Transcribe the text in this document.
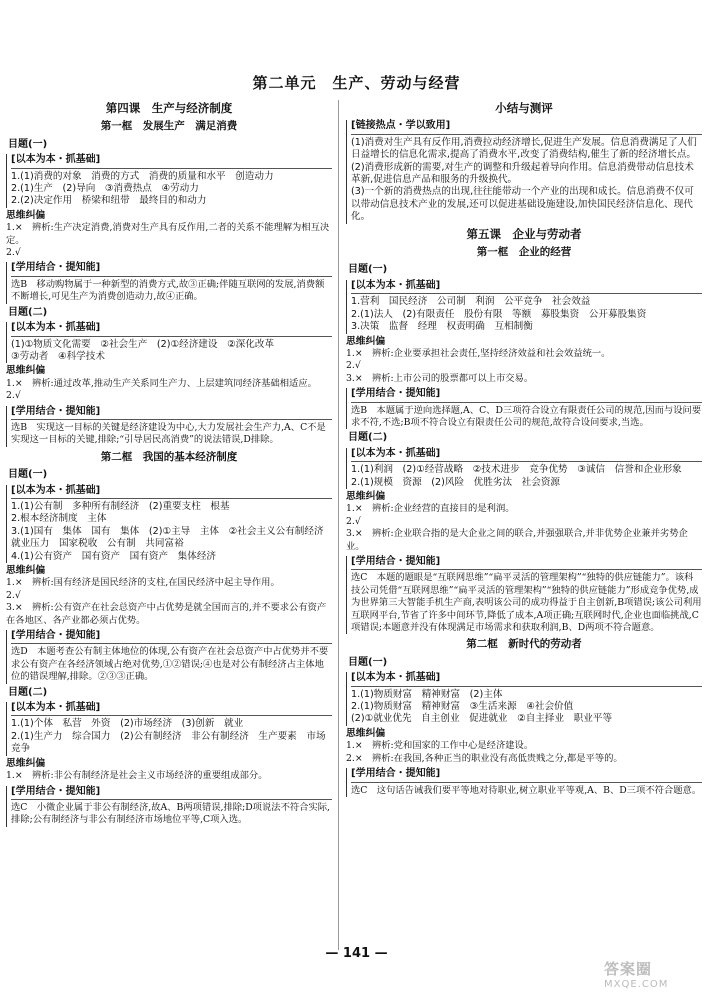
第二单元　生产、劳动与经营
第四课　生产与经济制度
第一框　发展生产　满足消费
目题(一)
[以本为本・抓基础]

1.(1)消费的对象　消费的方式　消费的质量和水平　创造动力

2.(1)生产　(2)导向　③消费热点　④劳动力

2.(2)决定作用　桥梁和纽带　最终目的和动力

思维纠偏

1.×　辨析:生产决定消费,消费对生产具有反作用,二者的关系不能理解为相互决定。

2.√

[学用结合・提知能]

选B　移动购物属于一种新型的消费方式,故③正确;伴随互联网的发展,消费额不断增长,可见生产为消费创造动力,故④正确。

目题(二)
[以本为本・抓基础]

(1)①物质文化需要　②社会生产　(2)①经济建设　②深化改革

③劳动者　④科学技术

思维纠偏

1.×　辨析:通过改革,推动生产关系同生产力、上层建筑同经济基础相适应。

2.√

[学用结合・提知能]

选B　实现这一目标的关键是经济建设为中心,大力发展社会生产力,A、C不是实现这一目标的关键,排除;“引导居民高消费”的说法错误,D排除。

第二框　我国的基本经济制度
目题(一)
[以本为本・抓基础]

1.(1)公有制　多种所有制经济　(2)重要支柱　根基

2.根本经济制度　主体

3.(1)国有　集体　国有　集体　(2)①主导　主体　②社会主义公有制经济　就业压力　国家税收　公有制　共同富裕

4.(1)公有资产　国有资产　国有资产　集体经济

思维纠偏

1.×　辨析:国有经济是国民经济的支柱,在国民经济中起主导作用。

2.√

3.×　辨析:公有资产在社会总资产中占优势是就全国而言的,并不要求公有资产在各地区、各产业都必须占优势。

[学用结合・提知能]

选D　本题考查公有制主体地位的体现,公有资产在社会总资产中占优势并不要求公有资产在各经济领域占绝对优势,①②错误;④也是对公有制经济占主体地位的错误理解,排除。②③③正确。

目题(二)
[以本为本・抓基础]

1.(1)个体　私营　外资　(2)市场经济　(3)创新　就业

2.(1)生产力　综合国力　(2)公有制经济　非公有制经济　生产要素　市场竞争

思维纠偏

1.×　辨析:非公有制经济是社会主义市场经济的重要组成部分。

[学用结合・提知能]

选C　小微企业属于非公有制经济,故A、B两项错误,排除;D项说法不符合实际,排除;公有制经济与非公有制经济市场地位平等,C项入选。

小结与测评
[链接热点・学以致用]

(1)消费对生产具有反作用,消费拉动经济增长,促进生产发展。信息消费满足了人们日益增长的信息化需求,提高了消费水平,改变了消费结构,催生了新的经济增长点。

(2)消费形成新的需要,对生产的调整和升级起着导向作用。信息消费带动信息技术革新,促进信息产品和服务的升级换代。

(3)一个新的消费热点的出现,往往能带动一个产业的出现和成长。信息消费不仅可以带动信息技术产业的发展,还可以促进基础设施建设,加快国民经济信息化、现代化。

第五课　企业与劳动者
第一框　企业的经营
目题(一)
[以本为本・抓基础]

1.营利　国民经济　公司制　利润　公平竞争　社会效益

2.(1)法人　(2)有限责任　股份有限　等额　募股集资　公开募股集资

3.决策　监督　经理　权责明确　互相制衡

思维纠偏

1.×　辨析:企业要承担社会责任,坚持经济效益和社会效益统一。

2.√

3.×　辨析:上市公司的股票都可以上市交易。

[学用结合・提知能]

选B　本题属于逆向选择题,A、C、D三项符合设立有限责任公司的规范,因而与设问要求不符,不选;B项不符合设立有限责任公司的规范,故符合设问要求,当选。

目题(二)
[以本为本・抓基础]

1.(1)利润　(2)①经营战略　②技术进步　竞争优势　③诚信　信誉和企业形象

2.(1)规模　资源　(2)风险　优胜劣汰　社会资源

思维纠偏

1.×　辨析:企业经营的直接目的是利润。

2.√

3.×　辨析:企业联合指的是大企业之间的联合,并强强联合,并非优势企业兼并劣势企业。

[学用结合・提知能]

选C　本题的题眼是“互联网思维”“扁平灵活的管理架构”“独特的供应链能力”。该科技公司凭借“互联网思维”“扁平灵活的管理架构”“独特的供应链能力”形成竞争优势,成为世界第三大智能手机生产商,表明该公司的成功得益于自主创新,B项错误;该公司利用互联网平台,节省了许多中间环节,降低了成本,A项正确;互联网时代,企业也面临挑战,C项错误;本题意并没有体现满足市场需求和获取利润,B、D两项不符合题意。

第二框　新时代的劳动者
目题(一)
[以本为本・抓基础]

1.(1)物质财富　精神财富　(2)主体

2.(1)物质财富　精神财富　③生活来源　④社会价值

(2)①就业优先　自主创业　促进就业　②自主择业　职业平等

思维纠偏

1.×　辨析:党和国家的工作中心是经济建设。

2.×　辨析:在我国,各种正当的职业没有高低贵贱之分,都是平等的。

[学用结合・提知能]

选C　这句话告诫我们要平等地对待职业,树立职业平等观,A、B、D三项不符合题意。

— 141 —
答案圈
MXQE.COM
